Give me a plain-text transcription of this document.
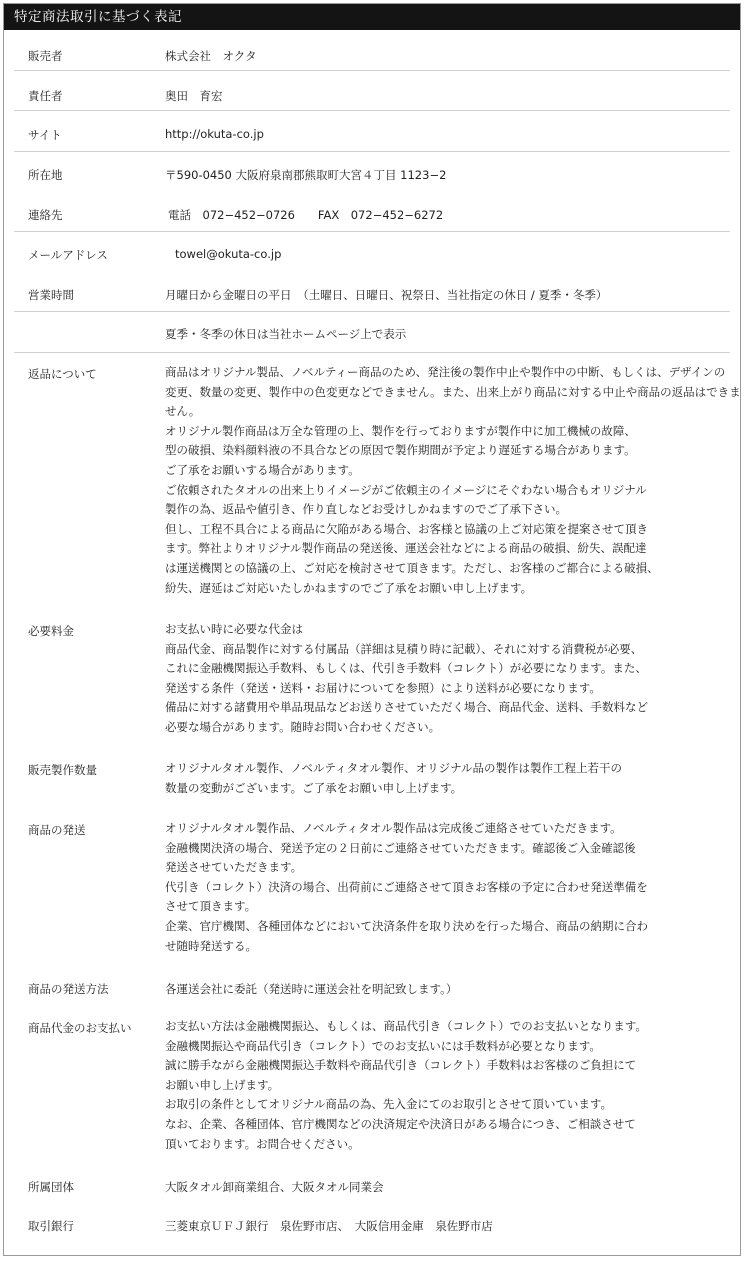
特定商法取引に基づく表記
販売者	株式会社　オクタ
責任者	奥田　育宏
サイト	http://okuta-co.jp
所在地	〒590-0450 大阪府泉南郡熊取町大宮４丁目 1123−2
連絡先	電話　072−452−0726　　FAX　072−452−6272
メールアドレス	towel@okuta-co.jp
営業時間	月曜日から金曜日の平日　（土曜日、日曜日、祝祭日、当社指定の休日 / 夏季・冬季）
夏季・冬季の休日は当社ホームページ上で表示
返品について	商品はオリジナル製品、ノベルティー商品のため、発注後の製作中止や製作中の中断、もしくは、デザインの
変更、数量の変更、製作中の色変更などできません。また、出来上がり商品に対する中止や商品の返品はできま
せん。
オリジナル製作商品は万全な管理の上、製作を行っておりますが製作中に加工機械の故障、
型の破損、染料顔料液の不具合などの原因で製作期間が予定より遅延する場合があります。
ご了承をお願いする場合があります。
ご依頼されたタオルの出来上りイメージがご依頼主のイメージにそぐわない場合もオリジナル
製作の為、返品や値引き、作り直しなどお受けしかねますのでご了承下さい。
但し、工程不具合による商品に欠陥がある場合、お客様と協議の上ご対応策を提案させて頂き
ます。弊社よりオリジナル製作商品の発送後、運送会社などによる商品の破損、紛失、誤配達
は運送機関との協議の上、ご対応を検討させて頂きます。ただし、お客様のご都合による破損、
紛失、遅延はご対応いたしかねますのでご了承をお願い申し上げます。
必要料金	お支払い時に必要な代金は
商品代金、商品製作に対する付属品（詳細は見積り時に記載）、それに対する消費税が必要、
これに金融機関振込手数料、もしくは、代引き手数料（コレクト）が必要になります。また、
発送する条件（発送・送料・お届けについてを参照）により送料が必要になります。
備品に対する諸費用や単品現品などお送りさせていただく場合、商品代金、送料、手数料など
必要な場合があります。随時お問い合わせください。
販売製作数量	オリジナルタオル製作、ノベルティタオル製作、オリジナル品の製作は製作工程上若干の
数量の変動がございます。ご了承をお願い申し上げます。
商品の発送	オリジナルタオル製作品、ノベルティタオル製作品は完成後ご連絡させていただきます。
金融機関決済の場合、発送予定の２日前にご連絡させていただきます。確認後ご入金確認後
発送させていただきます。
代引き（コレクト）決済の場合、出荷前にご連絡させて頂きお客様の予定に合わせ発送準備を
させて頂きます。
企業、官庁機関、各種団体などにおいて決済条件を取り決めを行った場合、商品の納期に合わ
せ随時発送する。
商品の発送方法	各運送会社に委託（発送時に運送会社を明記致します。）
商品代金のお支払い	お支払い方法は金融機関振込、もしくは、商品代引き（コレクト）でのお支払いとなります。
金融機関振込や商品代引き（コレクト）でのお支払いには手数料が必要となります。
誠に勝手ながら金融機関振込手数料や商品代引き（コレクト）手数料はお客様のご負担にて
お願い申し上げます。
お取引の条件としてオリジナル商品の為、先入金にてのお取引とさせて頂いています。
なお、企業、各種団体、官庁機関などの決済規定や決済日がある場合につき、ご相談させて
頂いております。お問合せください。
所属団体	大阪タオル卸商業組合、大阪タオル同業会
取引銀行	三菱東京ＵＦＪ銀行　泉佐野市店、　大阪信用金庫　泉佐野市店
